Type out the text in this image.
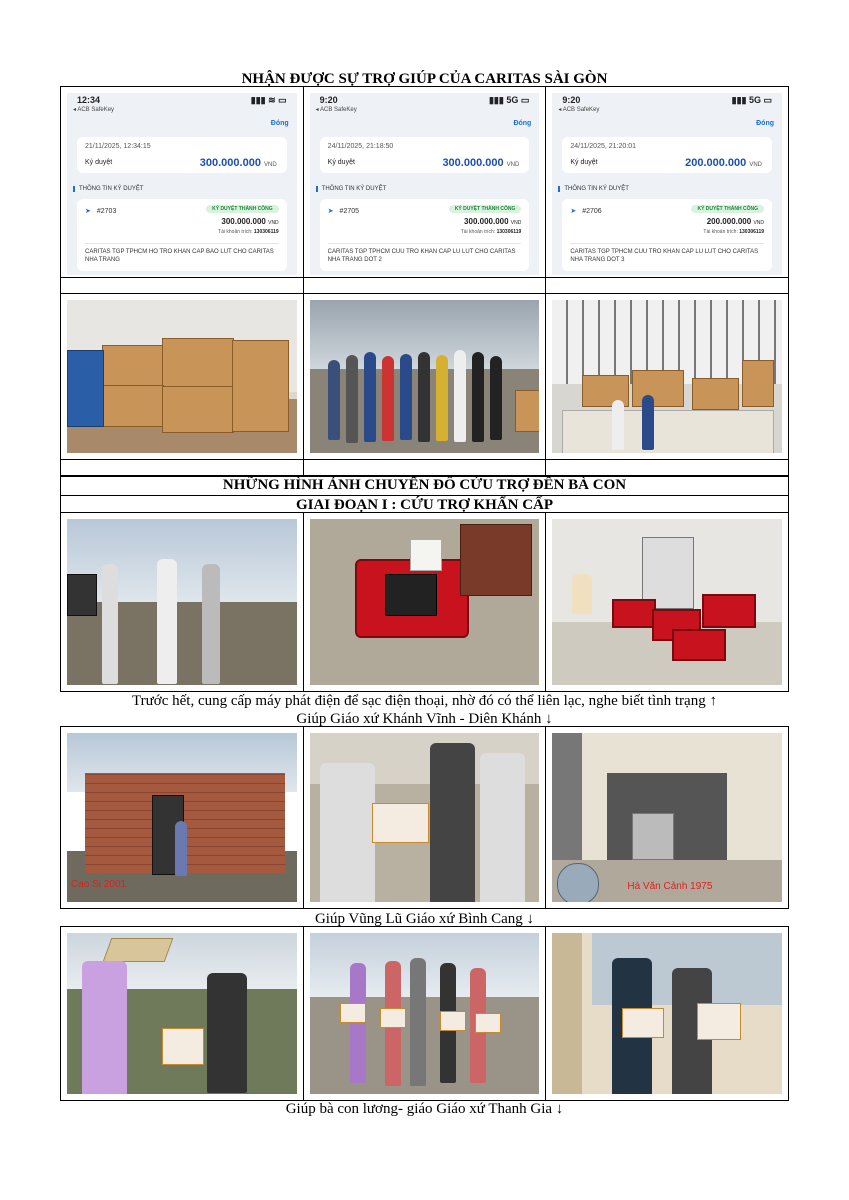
NHẬN ĐƯỢC SỰ TRỢ GIÚP CỦA CARITAS SÀI GÒN
12:34	▮▮▮ ≋ ▭
◂ ACB SafeKey
Đóng
21/11/2025, 12:34:15
Ký duyệt	300.000.000 VND
THÔNG TIN KÝ DUYỆT
➤ #2703	KÝ DUYỆT THÀNH CÔNG
300.000.000 VND
Tài khoản trích: 130306119
CARITAS TGP TPHCM HO TRO KHAN CAP BAO LUT CHO CARITAS NHA TRANG
9:20	▮▮▮ 5G ▭
◂ ACB SafeKey
Đóng
24/11/2025, 21:18:50
Ký duyệt	300.000.000 VND
THÔNG TIN KÝ DUYỆT
➤ #2705	KÝ DUYỆT THÀNH CÔNG
300.000.000 VND
Tài khoản trích: 130306119
CARITAS TGP TPHCM CUU TRO KHAN CAP LU LUT CHO CARITAS NHA TRANG DOT 2
9:20	▮▮▮ 5G ▭
◂ ACB SafeKey
Đóng
24/11/2025, 21:20:01
Ký duyệt	200.000.000 VND
THÔNG TIN KÝ DUYỆT
➤ #2706	KÝ DUYỆT THÀNH CÔNG
200.000.000 VND
Tài khoản trích: 130306119
CARITAS TGP TPHCM CUU TRO KHAN CAP LU LUT CHO CARITAS NHA TRANG DOT 3
NHỮNG HÌNH ẢNH CHUYỂN ĐỒ CỨU TRỢ ĐẾN BÀ CON
GIAI ĐOẠN I : CỨU TRỢ KHẨN CẤP
Trước hết, cung cấp máy phát điện để sạc điện thoại, nhờ đó có thể liên lạc, nghe biết tình trạng ↑
Giúp Giáo xứ Khánh Vĩnh - Diên Khánh ↓
Cao Si 2001	Hà Văn Cảnh 1975
Giúp Vũng Lũ Giáo xứ Bình Cang ↓
Giúp bà con lương- giáo Giáo xứ Thanh Gia ↓
